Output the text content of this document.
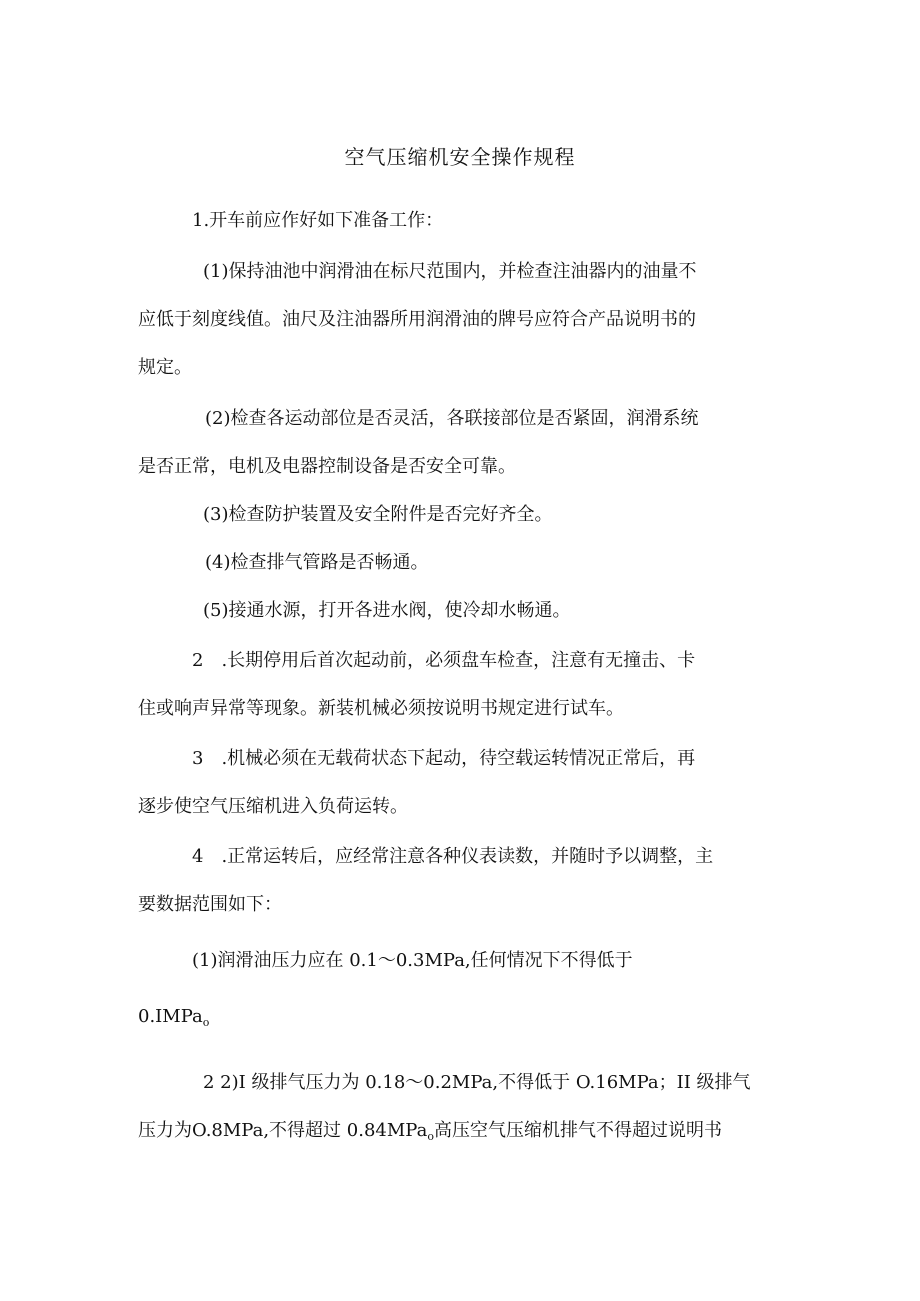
空气压缩机安全操作规程
1.开车前应作好如下准备工作：
(1)保持油池中润滑油在标尺范围内，并检查注油器内的油量不
应低于刻度线值。油尺及注油器所用润滑油的牌号应符合产品说明书的
规定。
(2)检查各运动部位是否灵活，各联接部位是否紧固，润滑系统
是否正常，电机及电器控制设备是否安全可靠。
(3)检查防护装置及安全附件是否完好齐全。
(4)检查排气管路是否畅通。
(5)接通水源，打开各进水阀，使冷却水畅通。
2　.长期停用后首次起动前，必须盘车检查，注意有无撞击、卡
住或响声异常等现象。新装机械必须按说明书规定进行试车。
3　.机械必须在无载荷状态下起动，待空载运转情况正常后，再
逐步使空气压缩机进入负荷运转。
4　.正常运转后，应经常注意各种仪表读数，并随时予以调整，主
要数据范围如下：
(1)润滑油压力应在 0.1～0.3MPa,任何情况下不得低于
0.IMPa$_o$
2 2)I 级排气压力为 0.18～0.2MPa,不得低于 O.16MPa；II 级排气
压力为O.8MPa,不得超过 0.84MPa$_o$高压空气压缩机排气不得超过说明书
